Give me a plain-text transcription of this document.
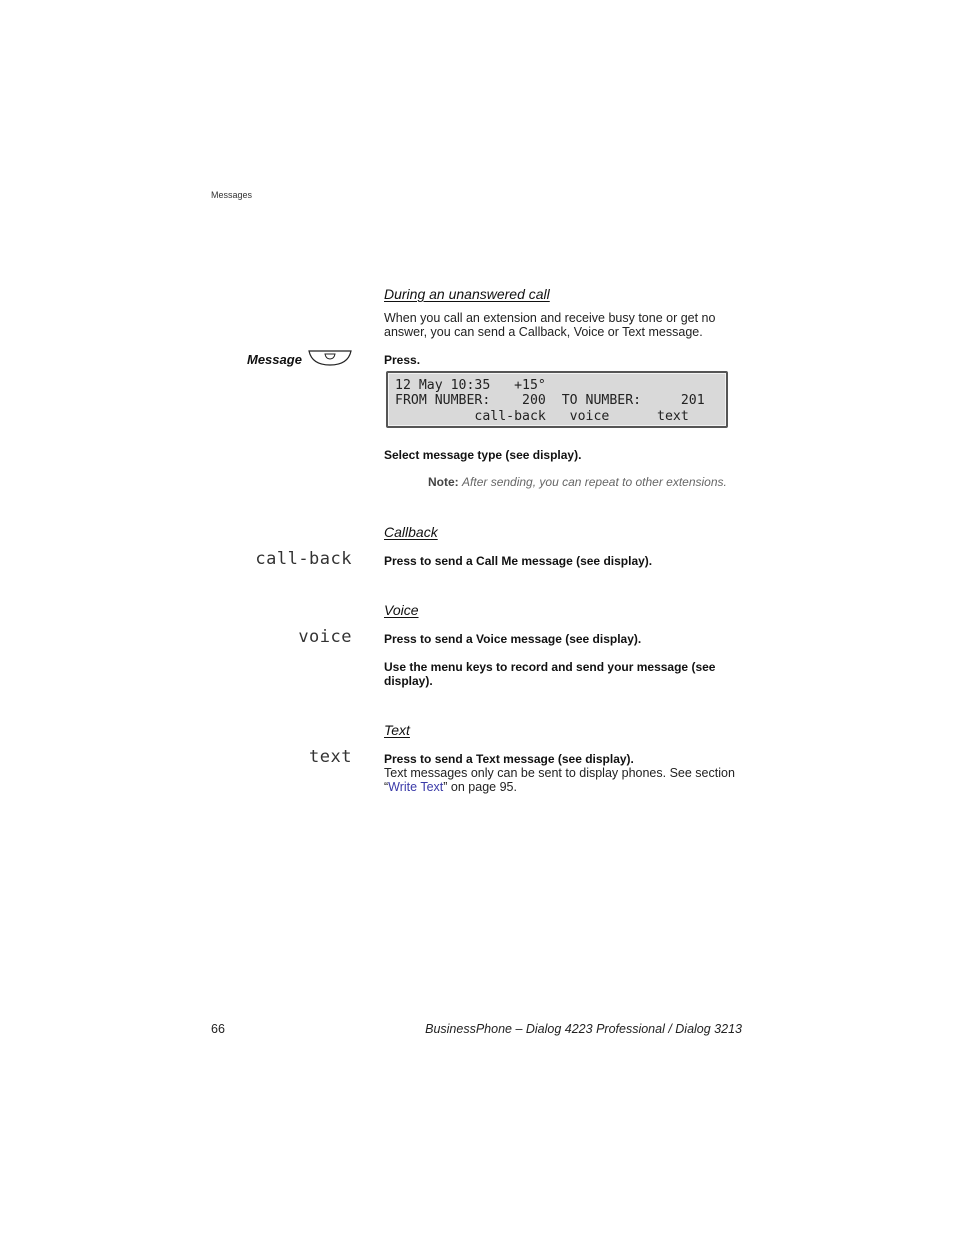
Messages
During an unanswered call
When you call an extension and receive busy tone or get no answer, you can send a Callback, Voice or Text message.
Message	Press.
12 May 10:35   +15°
FROM NUMBER:    200  TO NUMBER:     201
call-back   voice      text
Select message type (see display).
Note: After sending, you can repeat to other extensions.
Callback
call-back	Press to send a Call Me message (see display).
Voice
voice	Press to send a Voice message (see display).
Use the menu keys to record and send your message (see display).
Text
text	Press to send a Text message (see display).
Text messages only can be sent to display phones. See section “Write Text” on page 95.
66	BusinessPhone – Dialog 4223 Professional / Dialog 3213
